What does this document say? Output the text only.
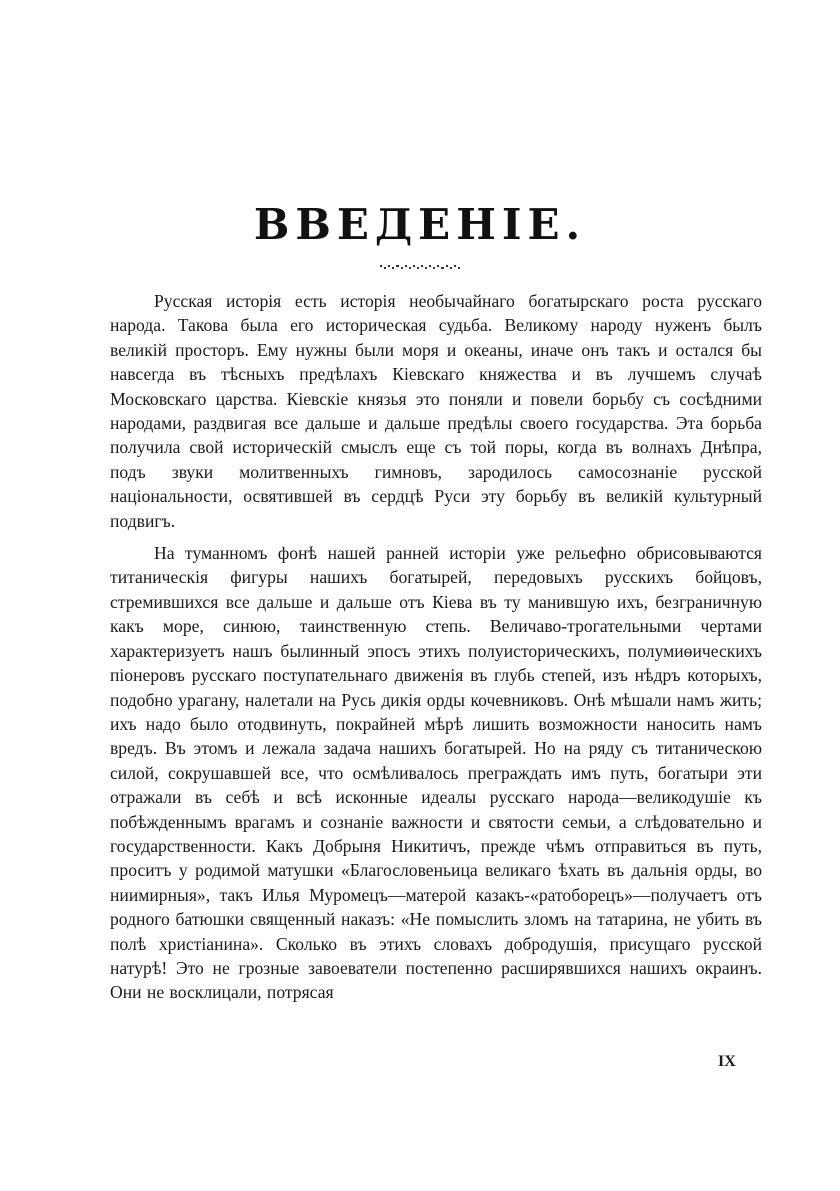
ВВЕДЕНІЕ.

Русская исторія есть исторія необычайнаго богатырскаго роста русскаго народа. Такова была его историческая судьба. Великому народу нуженъ былъ великій просторъ. Ему нужны были моря и океаны, иначе онъ такъ и остался бы навсегда въ тѣсныхъ предѣлахъ Кіевскаго княжества и въ лучшемъ случаѣ Московскаго царства. Кіевскіе князья это поняли и повели борьбу съ сосѣдними народами, раздвигая все дальше и дальше предѣлы своего государства. Эта борьба получила свой историческій смыслъ еще съ той поры, когда въ волнахъ Днѣпра, подъ звуки молитвенныхъ гимновъ, зародилось самосознаніе русской національности, освятившей въ сердцѣ Руси эту борьбу въ великій культурный подвигъ.

На туманномъ фонѣ нашей ранней исторіи уже рельефно обрисовываются титаническія фигуры нашихъ богатырей, передовыхъ русскихъ бойцовъ, стремившихся все дальше и дальше отъ Кіева въ ту манившую ихъ, безграничную какъ море, синюю, таинственную степь. Величаво-трогательными чертами характеризуетъ нашъ былинный эпосъ этихъ полуисторическихъ, полумиѳическихъ піонеровъ русскаго поступательнаго движенія въ глубь степей, изъ нѣдръ которыхъ, подобно урагану, налетали на Русь дикія орды кочевниковъ. Онѣ мѣшали намъ жить; ихъ надо было отодвинуть, покрайней мѣрѣ лишить возможности наносить намъ вредъ. Въ этомъ и лежала задача нашихъ богатырей. Но на ряду съ титаническою силой, сокрушавшей все, что осмѣливалось преграждать имъ путь, богатыри эти отражали въ себѣ и всѣ исконные идеалы русскаго народа—великодушіе къ побѣжденнымъ врагамъ и сознаніе важности и святости семьи, а слѣдовательно и государственности. Какъ Добрыня Никитичъ, прежде чѣмъ отправиться въ путь, проситъ у родимой матушки «Благословеньица великаго ѣхать въ дальнія орды, во ниимирныя», такъ Илья Муромецъ—матерой казакъ-«ратоборецъ»—получаетъ отъ родного батюшки священный наказъ: «Не помыслить зломъ на татарина, не убить въ полѣ христіанина». Сколько въ этихъ словахъ добродушія, присущаго русской натурѣ! Это не грозные завоеватели постепенно расширявшихся нашихъ окраинъ. Они не восклицали, потрясая

IX
